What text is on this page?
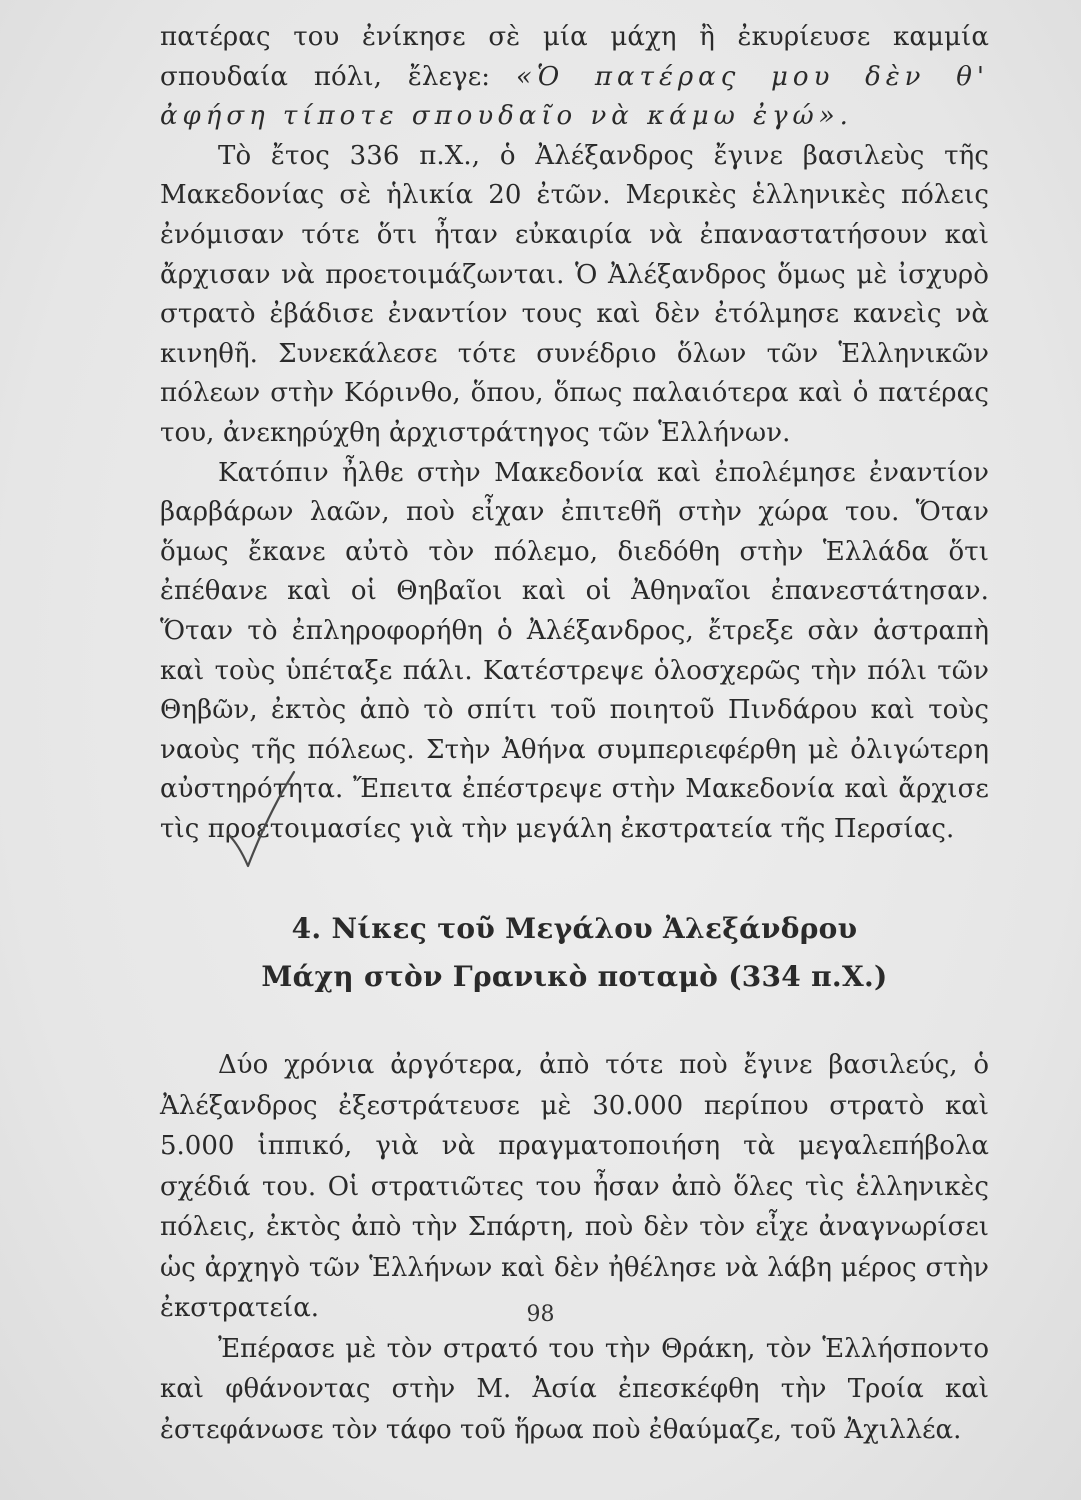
πατέρας του ἐνίκησε σὲ μία μάχη ἢ ἐκυρίευσε καμμία σπουδαία πόλι, ἔλεγε: «Ὁ πατέρας μου δὲν θ' ἀφήση τίποτε σπουδαῖο νὰ κάμω ἐγώ».

Τὸ ἔτος 336 π.Χ., ὁ Ἀλέξανδρος ἔγινε βασιλεὺς τῆς Μακεδονίας σὲ ἡλικία 20 ἐτῶν. Μερικὲς ἑλληνικὲς πόλεις ἐνόμισαν τότε ὅτι ἦταν εὐκαιρία νὰ ἐπαναστατήσουν καὶ ἄρχισαν νὰ προετοιμάζωνται. Ὁ Ἀλέξανδρος ὅμως μὲ ἰσχυρὸ στρατὸ ἐβάδισε ἐναντίον τους καὶ δὲν ἐτόλμησε κανεὶς νὰ κινηθῆ. Συνεκάλεσε τότε συνέδριο ὅλων τῶν Ἑλληνικῶν πόλεων στὴν Κόρινθο, ὅπου, ὅπως παλαιότερα καὶ ὁ πατέρας του, ἀνεκηρύχθη ἀρχιστράτηγος τῶν Ἑλλήνων.

Κατόπιν ἦλθε στὴν Μακεδονία καὶ ἐπολέμησε ἐναντίον βαρβάρων λαῶν, ποὺ εἶχαν ἐπιτεθῆ στὴν χώρα του. Ὅταν ὅμως ἔκανε αὐτὸ τὸν πόλεμο, διεδόθη στὴν Ἑλλάδα ὅτι ἐπέθανε καὶ οἱ Θηβαῖοι καὶ οἱ Ἀθηναῖοι ἐπανεστάτησαν. Ὅταν τὸ ἐπληροφορήθη ὁ Ἀλέξανδρος, ἔτρεξε σὰν ἀστραπὴ καὶ τοὺς ὑπέταξε πάλι. Κατέστρεψε ὁλοσχερῶς τὴν πόλι τῶν Θηβῶν, ἐκτὸς ἀπὸ τὸ σπίτι τοῦ ποιητοῦ Πινδάρου καὶ τοὺς ναοὺς τῆς πόλεως. Στὴν Ἀθήνα συμπεριεφέρθη μὲ ὀλιγώτερη αὐστηρότητα. Ἔπειτα ἐπέστρεψε στὴν Μακεδονία καὶ ἄρχισε τὶς προετοιμασίες γιὰ τὴν μεγάλη ἐκστρατεία τῆς Περσίας.

4. Νίκες τοῦ Μεγάλου Ἀλεξάνδρου
Μάχη στὸν Γρανικὸ ποταμὸ (334 π.Χ.)

Δύο χρόνια ἀργότερα, ἀπὸ τότε ποὺ ἔγινε βασιλεύς, ὁ Ἀλέξανδρος ἐξεστράτευσε μὲ 30.000 περίπου στρατὸ καὶ 5.000 ἱππικό, γιὰ νὰ πραγματοποιήση τὰ μεγαλεπήβολα σχέδιά του. Οἱ στρατιῶτες του ἦσαν ἀπὸ ὅλες τὶς ἑλληνικὲς πόλεις, ἐκτὸς ἀπὸ τὴν Σπάρτη, ποὺ δὲν τὸν εἶχε ἀναγνωρίσει ὡς ἀρχηγὸ τῶν Ἑλλήνων καὶ δὲν ἠθέλησε νὰ λάβη μέρος στὴν ἐκστρατεία.

Ἐπέρασε μὲ τὸν στρατό του τὴν Θράκη, τὸν Ἑλλήσποντο καὶ φθάνοντας στὴν Μ. Ἀσία ἐπεσκέφθη τὴν Τροία καὶ ἐστεφάνωσε τὸν τάφο τοῦ ἥρωα ποὺ ἐθαύμαζε, τοῦ Ἀχιλλέα.

98
